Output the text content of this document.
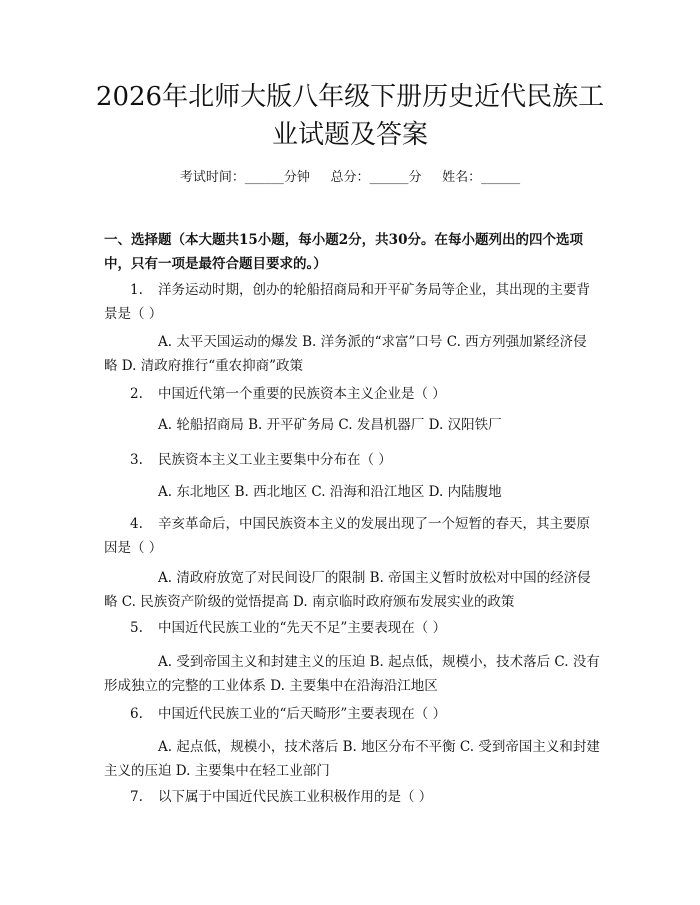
2026年北师大版八年级下册历史近代民族工业试题及答案
考试时间：______分钟     总分：______分     姓名：______

一、选择题（本大题共15小题，每小题2分，共30分。在每小题列出的四个选项中，只有一项是最符合题目要求的。）

1. 洋务运动时期，创办的轮船招商局和开平矿务局等企业，其出现的主要背景是（ ）

A. 太平天国运动的爆发 B. 洋务派的“求富”口号 C. 西方列强加紧经济侵略 D. 清政府推行“重农抑商”政策

2. 中国近代第一个重要的民族资本主义企业是（ ）

A. 轮船招商局 B. 开平矿务局 C. 发昌机器厂 D. 汉阳铁厂

3. 民族资本主义工业主要集中分布在（ ）

A. 东北地区 B. 西北地区 C. 沿海和沿江地区 D. 内陆腹地

4. 辛亥革命后，中国民族资本主义的发展出现了一个短暂的春天，其主要原因是（ ）

A. 清政府放宽了对民间设厂的限制 B. 帝国主义暂时放松对中国的经济侵略 C. 民族资产阶级的觉悟提高 D. 南京临时政府颁布发展实业的政策

5. 中国近代民族工业的“先天不足”主要表现在（ ）

A. 受到帝国主义和封建主义的压迫 B. 起点低，规模小，技术落后 C. 没有形成独立的完整的工业体系 D. 主要集中在沿海沿江地区

6. 中国近代民族工业的“后天畸形”主要表现在（ ）

A. 起点低，规模小，技术落后 B. 地区分布不平衡 C. 受到帝国主义和封建主义的压迫 D. 主要集中在轻工业部门

7. 以下属于中国近代民族工业积极作用的是（ ）
